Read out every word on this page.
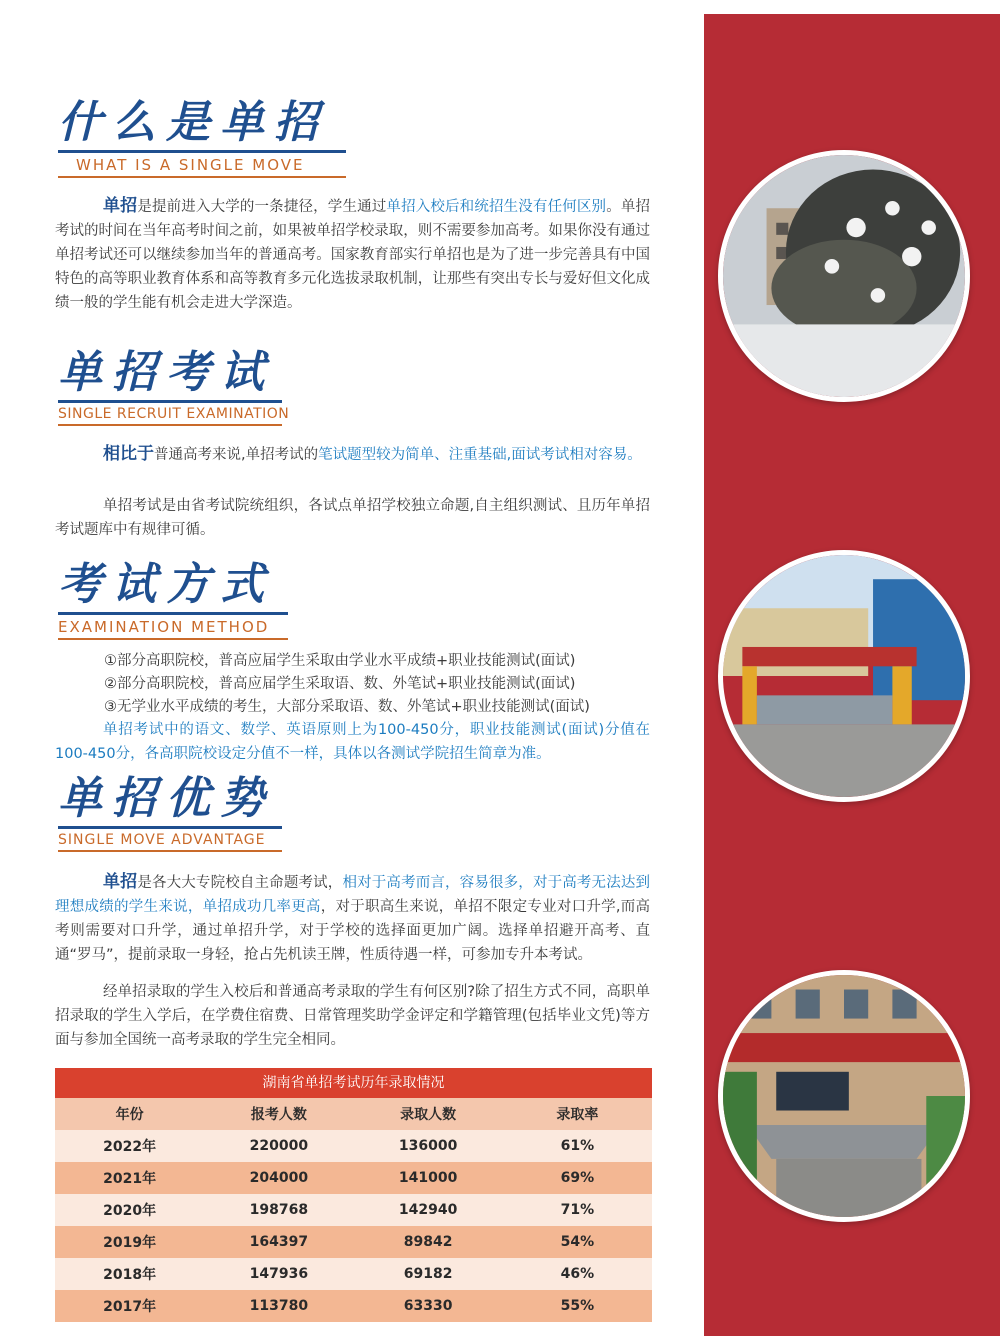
什么是单招
WHAT IS A SINGLE MOVE
单招是提前进入大学的一条捷径，学生通过单招入校后和统招生没有任何区别。单招考试的时间在当年高考时间之前，如果被单招学校录取，则不需要参加高考。如果你没有通过单招考试还可以继续参加当年的普通高考。国家教育部实行单招也是为了进一步完善具有中国特色的高等职业教育体系和高等教育多元化选拔录取机制，让那些有突出专长与爱好但文化成绩一般的学生能有机会走进大学深造。
单招考试
SINGLE RECRUIT EXAMINATION
相比于普通高考来说,单招考试的笔试题型较为简单、注重基础,面试考试相对容易。
单招考试是由省考试院统组织，各试点单招学校独立命题,自主组织测试、且历年单招考试题库中有规律可循。
考试方式
EXAMINATION METHOD
①部分高职院校，普高应届学生采取由学业水平成绩+职业技能测试(面试)
②部分高职院校，普高应届学生采取语、数、外笔试+职业技能测试(面试)
③无学业水平成绩的考生，大部分采取语、数、外笔试+职业技能测试(面试)
单招考试中的语文、数学、英语原则上为100-450分，职业技能测试(面试)分值在100-450分，各高职院校设定分值不一样，具体以各测试学院招生简章为准。
单招优势
SINGLE MOVE ADVANTAGE
单招是各大大专院校自主命题考试，相对于高考而言，容易很多，对于高考无法达到理想成绩的学生来说，单招成功几率更高，对于职高生来说，单招不限定专业对口升学,而高考则需要对口升学，通过单招升学，对于学校的选择面更加广阔。选择单招避开高考、直通“罗马”，提前录取一身轻，抢占先机读王牌，性质待遇一样，可参加专升本考试。
经单招录取的学生入校后和普通高考录取的学生有何区别?除了招生方式不同，高职单招录取的学生入学后，在学费住宿费、日常管理奖助学金评定和学籍管理(包括毕业文凭)等方面与参加全国统一高考录取的学生完全相同。
湖南省单招考试历年录取情况
年份	报考人数	录取人数	录取率
2022年	220000	136000	61%
2021年	204000	141000	69%
2020年	198768	142940	71%
2019年	164397	89842	54%
2018年	147936	69182	46%
2017年	113780	63330	55%
